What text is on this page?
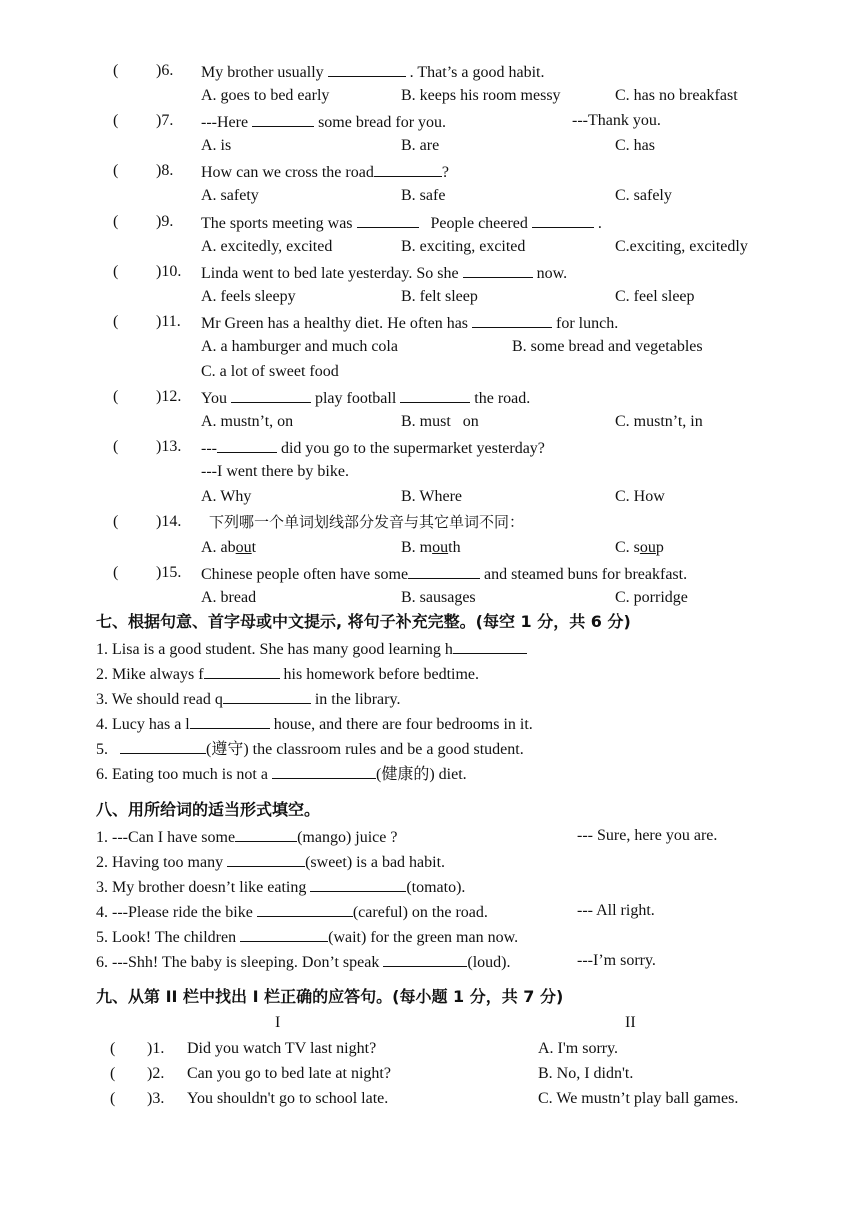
( )6. My brother usually	. That’s a good habit.
A. goes to bed early	B. keeps his room messy	C. has no breakfast
( )7. ---Here	some bread for you.	---Thank you.
A. is	B. are	C. has
( )8. How can we cross the road	?
A. safety	B. safe	C. safely
( )9. The sports meeting was	People cheered	.
A. excitedly, excited	B. exciting, excited	C.exciting, excitedly
( )10. Linda went to bed late yesterday. So she	now.
A. feels sleepy	B. felt sleep	C. feel sleep
( )11. Mr Green has a healthy diet. He often has	for lunch.
A. a hamburger and much cola	B. some bread and vegetables
C. a lot of sweet food
( )12. You	play football	the road.
A. mustn’t, on	B. must   on	C. mustn’t, in
( )13. ---	did you go to the supermarket yesterday?
---I went there by bike.
A. Why	B. Where	C. How
( )14. 下列哪一个单词划线部分发音与其它单词不同：
A. about	B. mouth	C. soup
( )15. Chinese people often have some	and steamed buns for breakfast.
A. bread	B. sausages	C. porridge
七、根据句意、首字母或中文提示, 将句子补充完整。(每空 1 分，共 6 分)
1. Lisa is a good student. She has many good learning h
2. Mike always f	his homework before bedtime.
3. We should read q	in the library.
4. Lucy has a l	house, and there are four bedrooms in it.
5.	(遵守) the classroom rules and be a good student.
6. Eating too much is not a	(健康的) diet.
八、用所给词的适当形式填空。
1. ---Can I have some	(mango) juice ?	--- Sure, here you are.
2. Having too many	(sweet) is a bad habit.
3. My brother doesn’t like eating	(tomato).
4. ---Please ride the bike	(careful) on the road.	--- All right.
5. Look! The children	(wait) for the green man now.
6. ---Shh! The baby is sleeping. Don’t speak	(loud).	---I’m sorry.
九、从第 II 栏中找出 I 栏正确的应答句。(每小题 1 分，共 7 分)
I	II
( )1. Did you watch TV last night?	A. I'm sorry.
( )2. Can you go to bed late at night?	B. No, I didn't.
( )3. You shouldn't go to school late.	C. We mustn’t play ball games.
